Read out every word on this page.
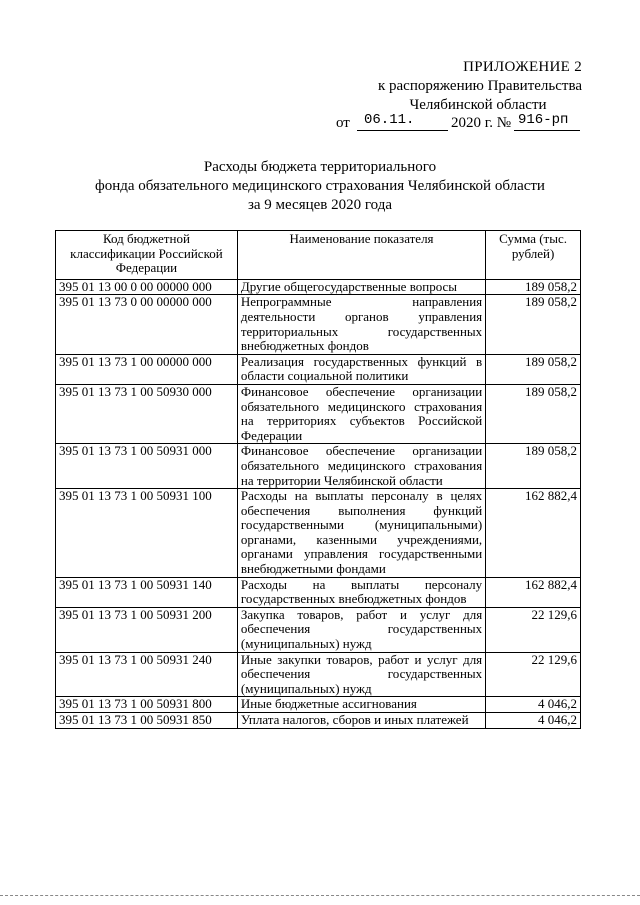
ПРИЛОЖЕНИЕ 2
к распоряжению Правительства
Челябинской области
от 06.11. 2020 г. № 916-рп
Расходы бюджета территориального
фонда обязательного медицинского страхования Челябинской области
за 9 месяцев 2020 года
Код бюджетной классификации Российской Федерации	Наименование показателя	Сумма (тыс. рублей)
395 01 13 00 0 00 00000 000	Другие общегосударственные вопросы	189 058,2
395 01 13 73 0 00 00000 000	Непрограммные направления деятельности органов управления территориальных государственных внебюджетных фондов	189 058,2
395 01 13 73 1 00 00000 000	Реализация государственных функций в области социальной политики	189 058,2
395 01 13 73 1 00 50930 000	Финансовое обеспечение организации обязательного медицинского страхования на территориях субъектов Российской Федерации	189 058,2
395 01 13 73 1 00 50931 000	Финансовое обеспечение организации обязательного медицинского страхования на территории Челябинской области	189 058,2
395 01 13 73 1 00 50931 100	Расходы на выплаты персоналу в целях обеспечения выполнения функций государственными (муниципальными) органами, казенными учреждениями, органами управления государственными внебюджетными фондами	162 882,4
395 01 13 73 1 00 50931 140	Расходы на выплаты персоналу государственных внебюджетных фондов	162 882,4
395 01 13 73 1 00 50931 200	Закупка товаров, работ и услуг для обеспечения государственных (муниципальных) нужд	22 129,6
395 01 13 73 1 00 50931 240	Иные закупки товаров, работ и услуг для обеспечения государственных (муниципальных) нужд	22 129,6
395 01 13 73 1 00 50931 800	Иные бюджетные ассигнования	4 046,2
395 01 13 73 1 00 50931 850	Уплата налогов, сборов и иных платежей	4 046,2
